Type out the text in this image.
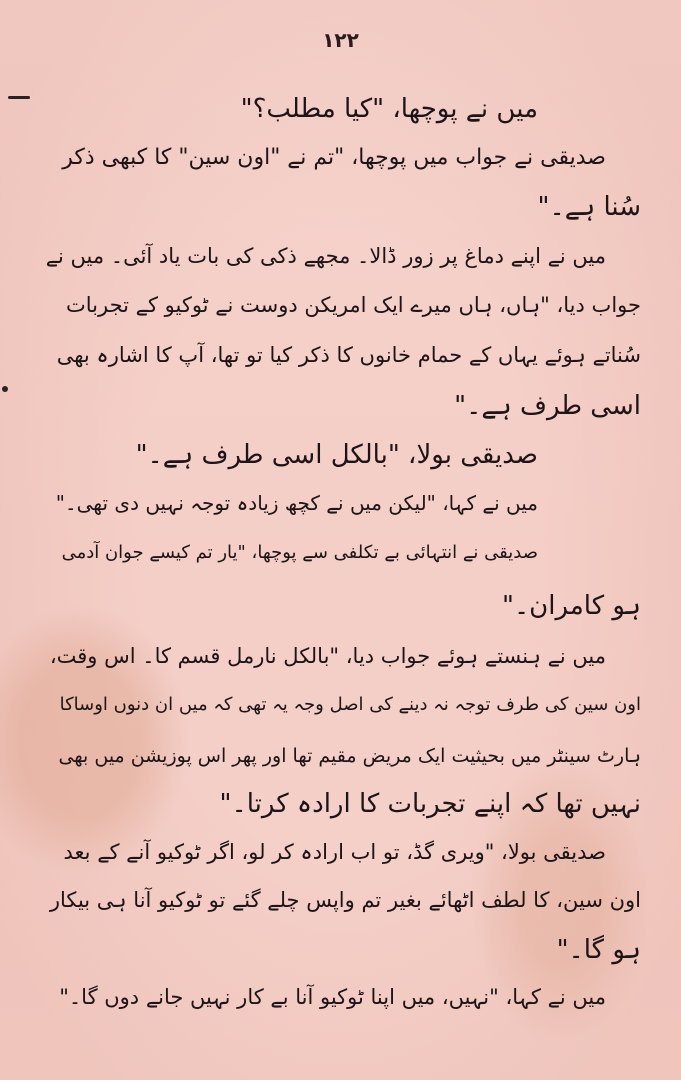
۱۲۲
میں نے پوچھا، "کیا مطلب؟"
صدیقی نے جواب میں پوچھا، "تم نے "اون سین" کا کبھی ذکر
سُنا ہے۔"
میں نے اپنے دماغ پر زور ڈالا۔ مجھے ذکی کی بات یاد آئی۔ میں نے
جواب دیا، "ہاں، ہاں میرے ایک امریکن دوست نے ٹوکیو کے تجربات
سُناتے ہوئے یہاں کے حمام خانوں کا ذکر کیا تو تھا، آپ کا اشارہ بھی
اسی طرف ہے۔"
صدیقی بولا، "بالکل اسی طرف ہے۔"
میں نے کہا، "لیکن میں نے کچھ زیادہ توجہ نہیں دی تھی۔"
صدیقی نے انتہائی بے تکلفی سے پوچھا، "یار تم کیسے جوان آدمی
ہو کامران۔"
میں نے ہنستے ہوئے جواب دیا، "بالکل نارمل قسم کا۔ اس وقت،
اون سین کی طرف توجہ نہ دینے کی اصل وجہ یہ تھی کہ میں ان دنوں اوساکا
ہارٹ سینٹر میں بحیثیت ایک مریض مقیم تھا اور پھر اس پوزیشن میں بھی
نہیں تھا کہ اپنے تجربات کا ارادہ کرتا۔"
صدیقی بولا، "ویری گڈ، تو اب ارادہ کر لو، اگر ٹوکیو آنے کے بعد
اون سین، کا لطف اٹھائے بغیر تم واپس چلے گئے تو ٹوکیو آنا ہی بیکار
ہو گا۔"
میں نے کہا، "نہیں، میں اپنا ٹوکیو آنا بے کار نہیں جانے دوں گا۔"
